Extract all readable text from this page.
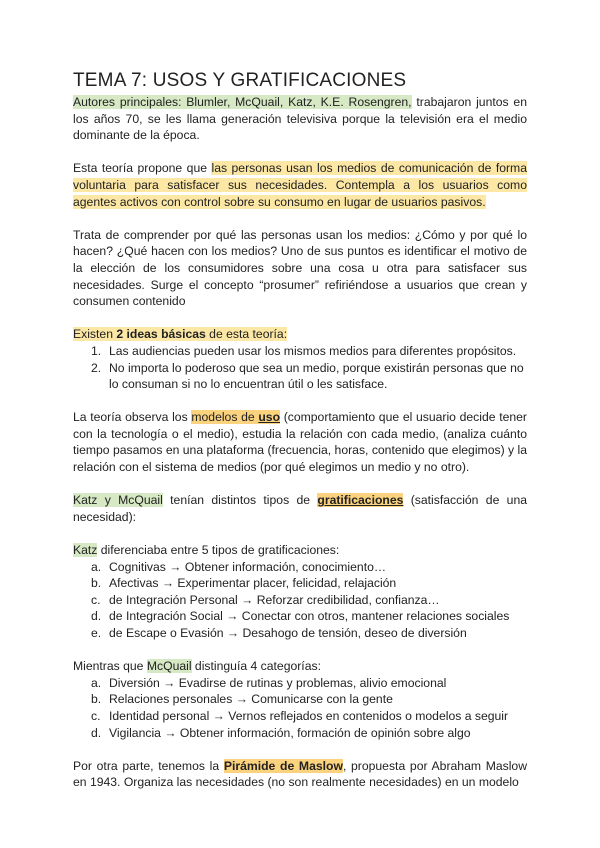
TEMA 7: USOS Y GRATIFICACIONES

Autores principales: Blumler, McQuail, Katz, K.E. Rosengren, trabajaron juntos en los años 70, se les llama generación televisiva porque la televisión era el medio dominante de la época.

Esta teoría propone que las personas usan los medios de comunicación de forma voluntaria para satisfacer sus necesidades. Contempla a los usuarios como agentes activos con control sobre su consumo en lugar de usuarios pasivos.

Trata de comprender por qué las personas usan los medios: ¿Cómo y por qué lo hacen? ¿Qué hacen con los medios? Uno de sus puntos es identificar el motivo de la elección de los consumidores sobre una cosa u otra para satisfacer sus necesidades. Surge el concepto “prosumer” refiriéndose a usuarios que crean y consumen contenido

Existen 2 ideas básicas de esta teoría:

1. Las audiencias pueden usar los mismos medios para diferentes propósitos.
2. No importa lo poderoso que sea un medio, porque existirán personas que no lo consuman si no lo encuentran útil o les satisface.

La teoría observa los modelos de uso (comportamiento que el usuario decide tener con la tecnología o el medio), estudia la relación con cada medio, (analiza cuánto tiempo pasamos en una plataforma (frecuencia, horas, contenido que elegimos) y la relación con el sistema de medios (por qué elegimos un medio y no otro).

Katz y McQuail tenían distintos tipos de gratificaciones (satisfacción de una necesidad):

Katz diferenciaba entre 5 tipos de gratificaciones:

a. Cognitivas → Obtener información, conocimiento…
b. Afectivas → Experimentar placer, felicidad, relajación
c. de Integración Personal → Reforzar credibilidad, confianza…
d. de Integración Social → Conectar con otros, mantener relaciones sociales
e. de Escape o Evasión → Desahogo de tensión, deseo de diversión

Mientras que McQuail distinguía 4 categorías:

a. Diversión → Evadirse de rutinas y problemas, alivio emocional
b. Relaciones personales → Comunicarse con la gente
c. Identidad personal → Vernos reflejados en contenidos o modelos a seguir
d. Vigilancia → Obtener información, formación de opinión sobre algo

Por otra parte, tenemos la Pirámide de Maslow, propuesta por Abraham Maslow en 1943. Organiza las necesidades (no son realmente necesidades) en un modelo
